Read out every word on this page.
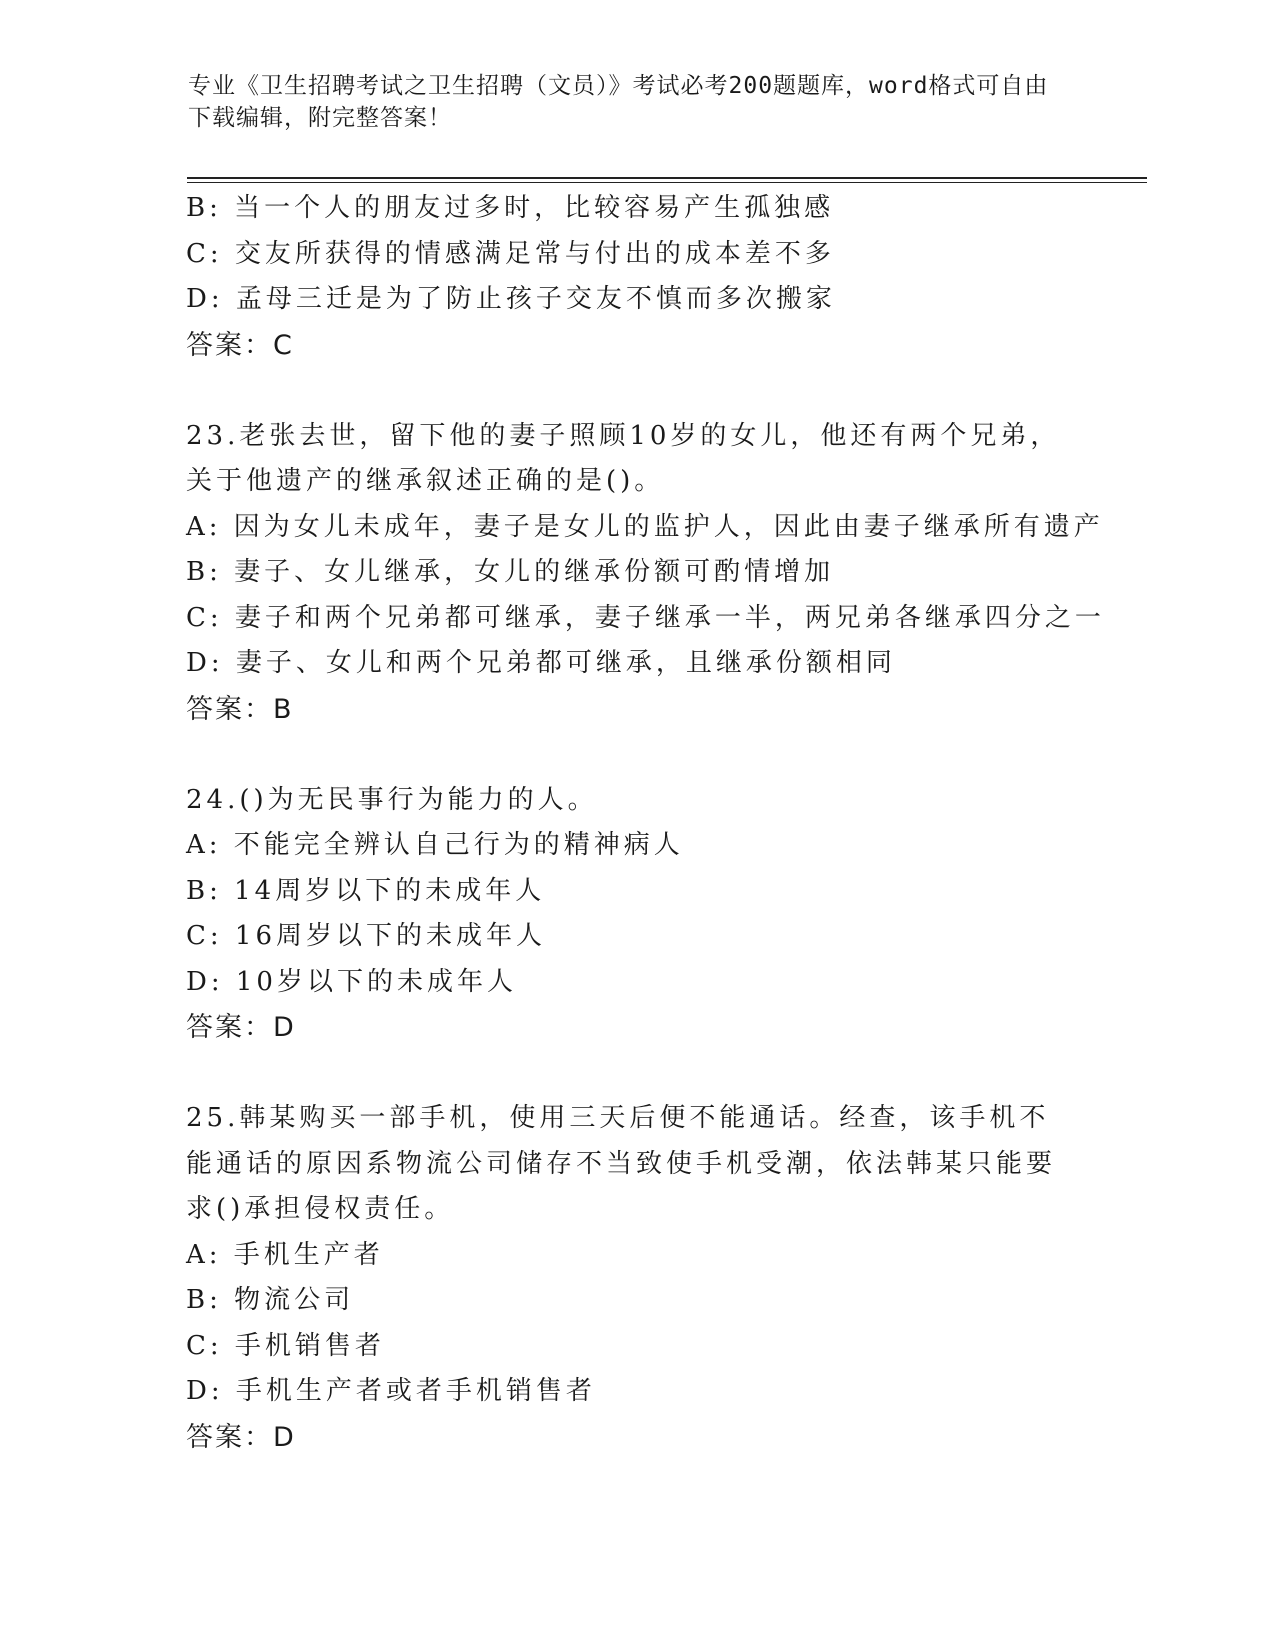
专业《卫生招聘考试之卫生招聘（文员）》考试必考200题题库，word格式可自由下载编辑，附完整答案！
B: 当一个人的朋友过多时，比较容易产生孤独感
C: 交友所获得的情感满足常与付出的成本差不多
D: 孟母三迁是为了防止孩子交友不慎而多次搬家
答案：C
23.老张去世，留下他的妻子照顾10岁的女儿，他还有两个兄弟，关于他遗产的继承叙述正确的是()。
A: 因为女儿未成年，妻子是女儿的监护人，因此由妻子继承所有遗产
B: 妻子、女儿继承，女儿的继承份额可酌情增加
C: 妻子和两个兄弟都可继承，妻子继承一半，两兄弟各继承四分之一
D: 妻子、女儿和两个兄弟都可继承，且继承份额相同
答案：B
24.()为无民事行为能力的人。
A: 不能完全辨认自己行为的精神病人
B: 14周岁以下的未成年人
C: 16周岁以下的未成年人
D: 10岁以下的未成年人
答案：D
25.韩某购买一部手机，使用三天后便不能通话。经查，该手机不能通话的原因系物流公司储存不当致使手机受潮，依法韩某只能要求()承担侵权责任。
A: 手机生产者
B: 物流公司
C: 手机销售者
D: 手机生产者或者手机销售者
答案：D
